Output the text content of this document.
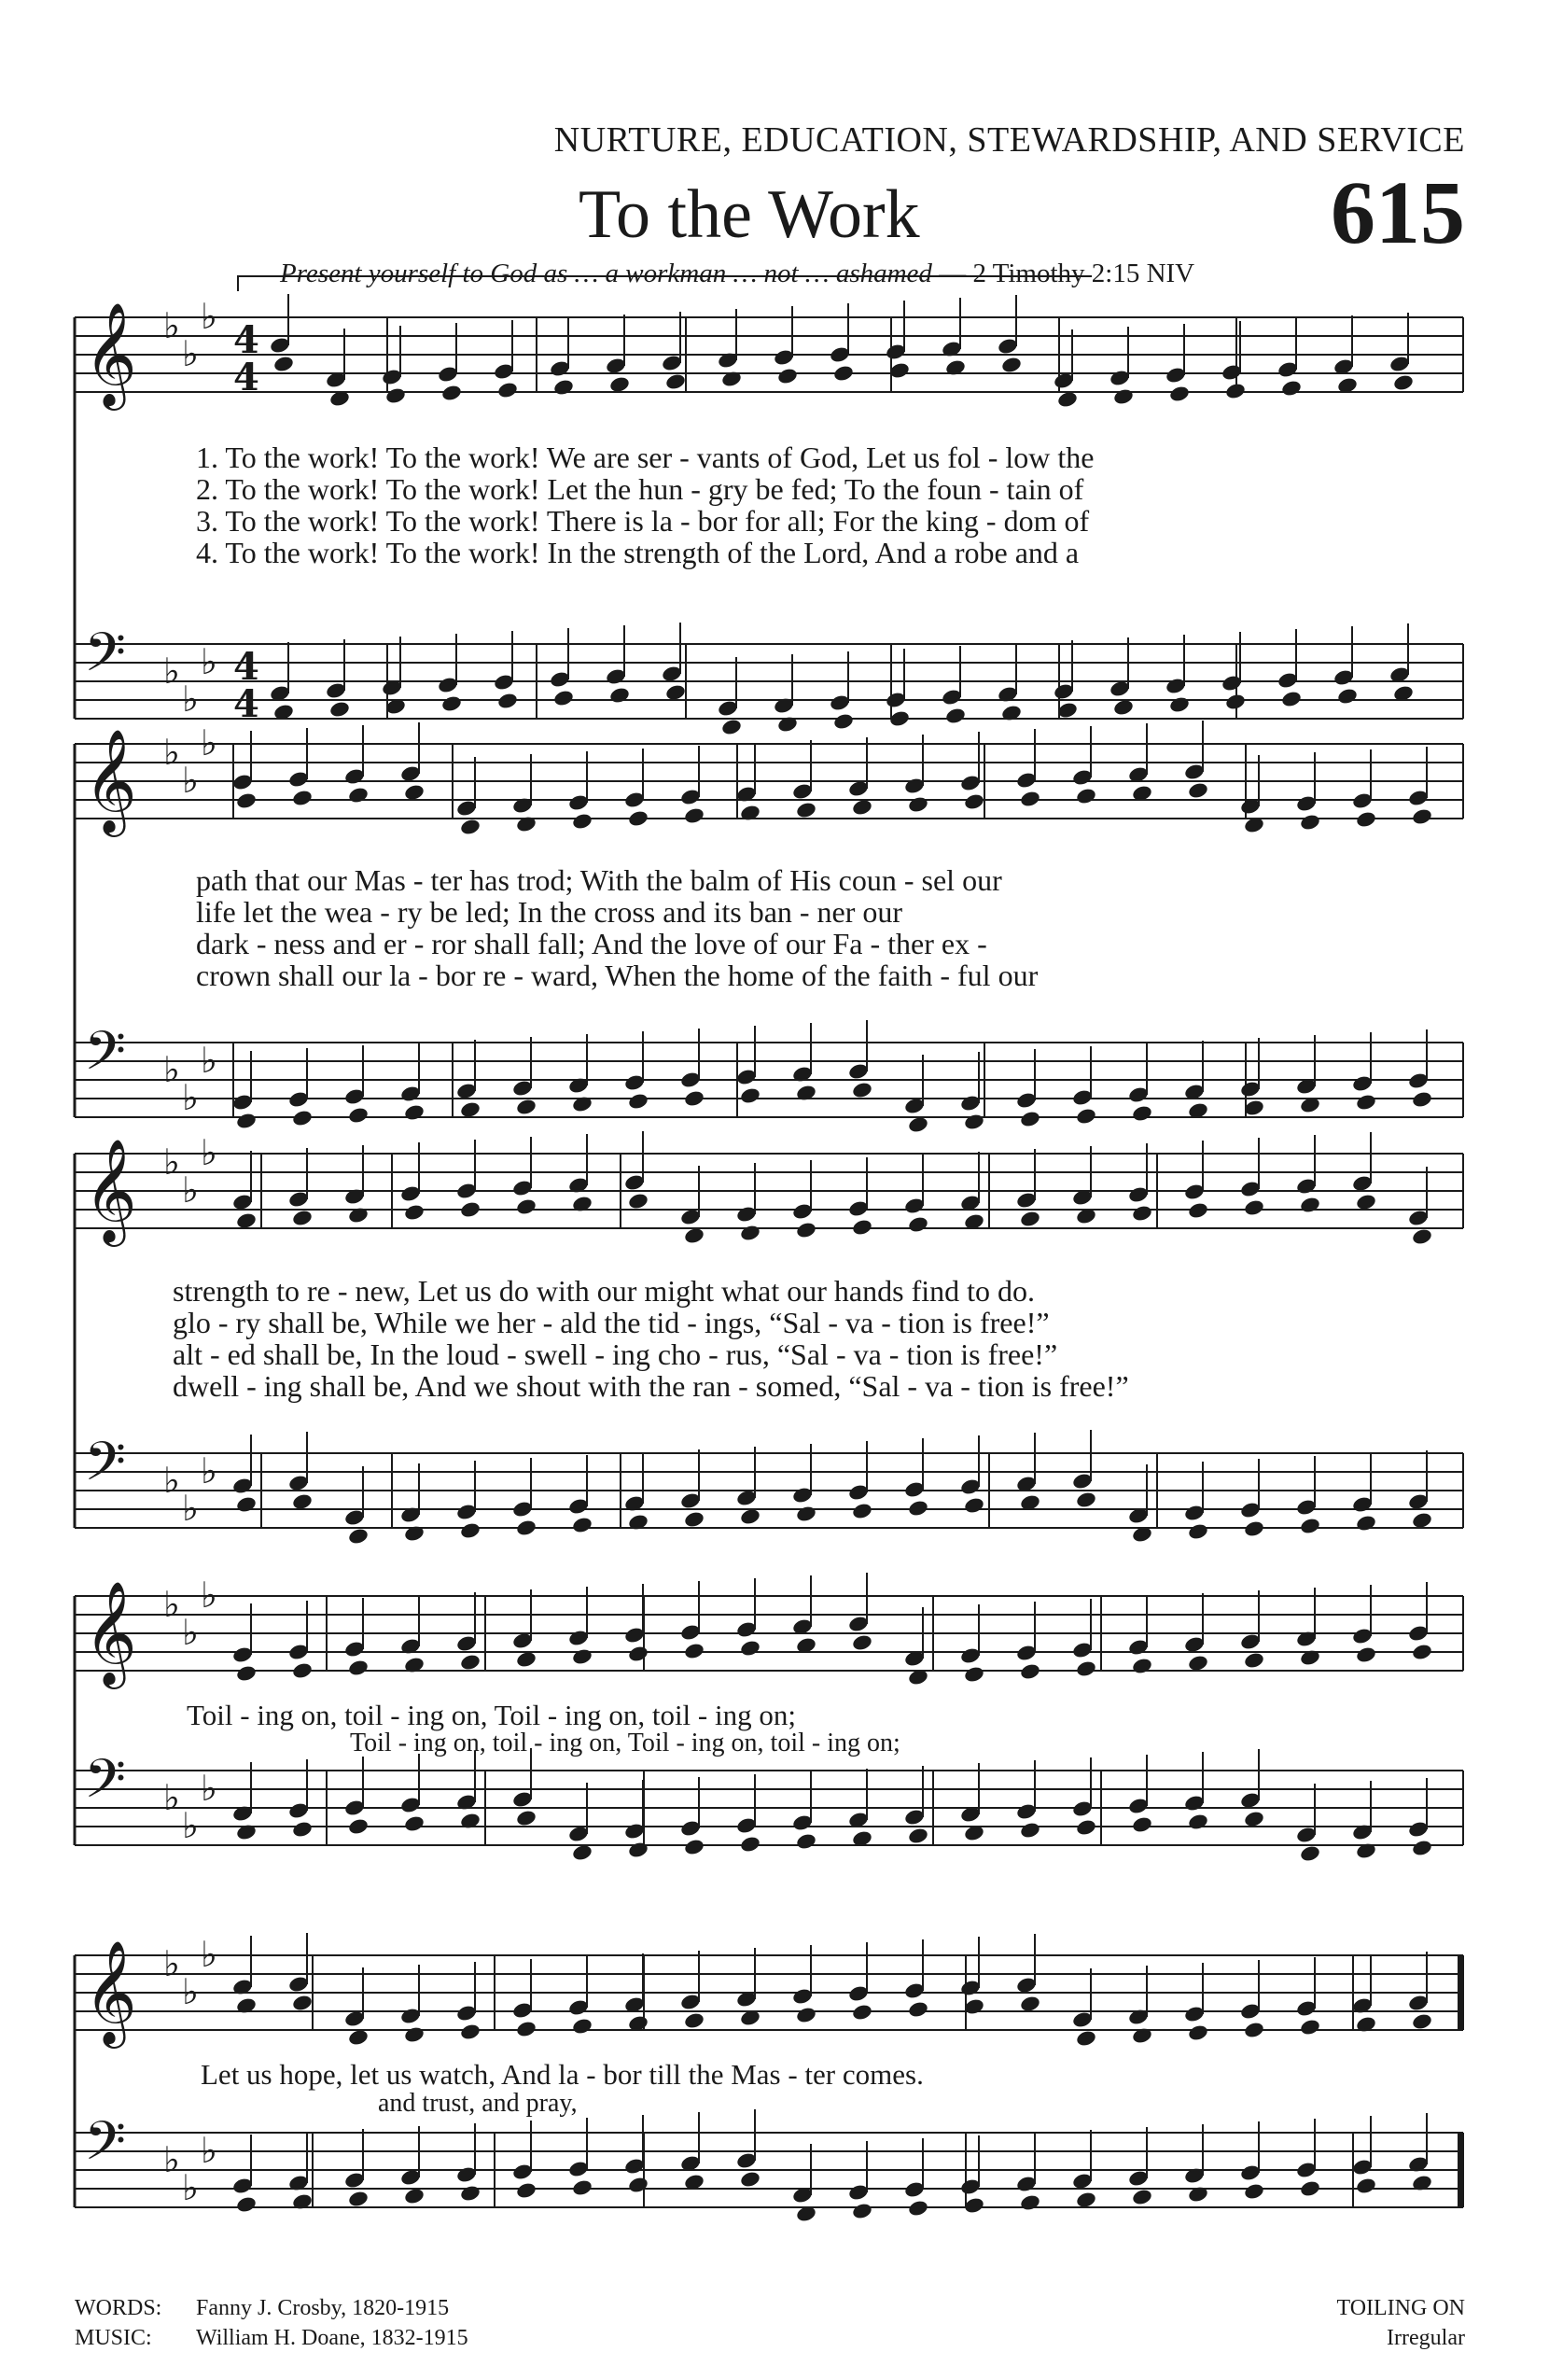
NURTURE, EDUCATION, STEWARDSHIP, AND SERVICE
To the Work	615
Present yourself to God as … a workman … not … ashamed — 2 Timothy 2:15 NIV
𝄞 ♭
♭
♭
4
4
𝄢 ♭
♭
♭ 4
4
𝄞 ♭
♭
♭
𝄢 ♭
♭
♭
𝄞 ♭
♭
♭
𝄢 ♭
♭
♭
𝄞 ♭
♭
♭
𝄢 ♭
♭
♭
𝄞 ♭
♭
♭
𝄢 ♭
♭
♭
1. To the work! To the work! We are ser - vants of God, Let us fol - low the
2. To the work! To the work! Let the hun - gry be fed; To the foun - tain of
3. To the work! To the work! There is la - bor for all; For the king - dom of
4. To the work! To the work! In the strength of the Lord, And a robe and a
path that our Mas - ter has trod; With the balm of His coun - sel our
life let the wea - ry be led; In the cross and its ban - ner our
dark - ness and er - ror shall fall; And the love of our Fa - ther ex -
crown shall our la - bor re - ward, When the home of the faith - ful our
strength to re - new, Let us do with our might what our hands find to do.
glo - ry shall be, While we her - ald the tid - ings, “Sal - va - tion is free!”
alt - ed shall be, In the loud - swell - ing cho - rus, “Sal - va - tion is free!”
dwell - ing shall be, And we shout with the ran - somed, “Sal - va - tion is free!”
Toil - ing on, toil - ing on, Toil - ing on, toil - ing on;
Toil - ing on, toil - ing on, Toil - ing on, toil - ing on;
Let us hope, let us watch, And la - bor till the Mas - ter comes.
and trust, and pray,
WORDS: Fanny J. Crosby, 1820-1915
MUSIC: William H. Doane, 1832-1915
TOILING ON
Irregular
